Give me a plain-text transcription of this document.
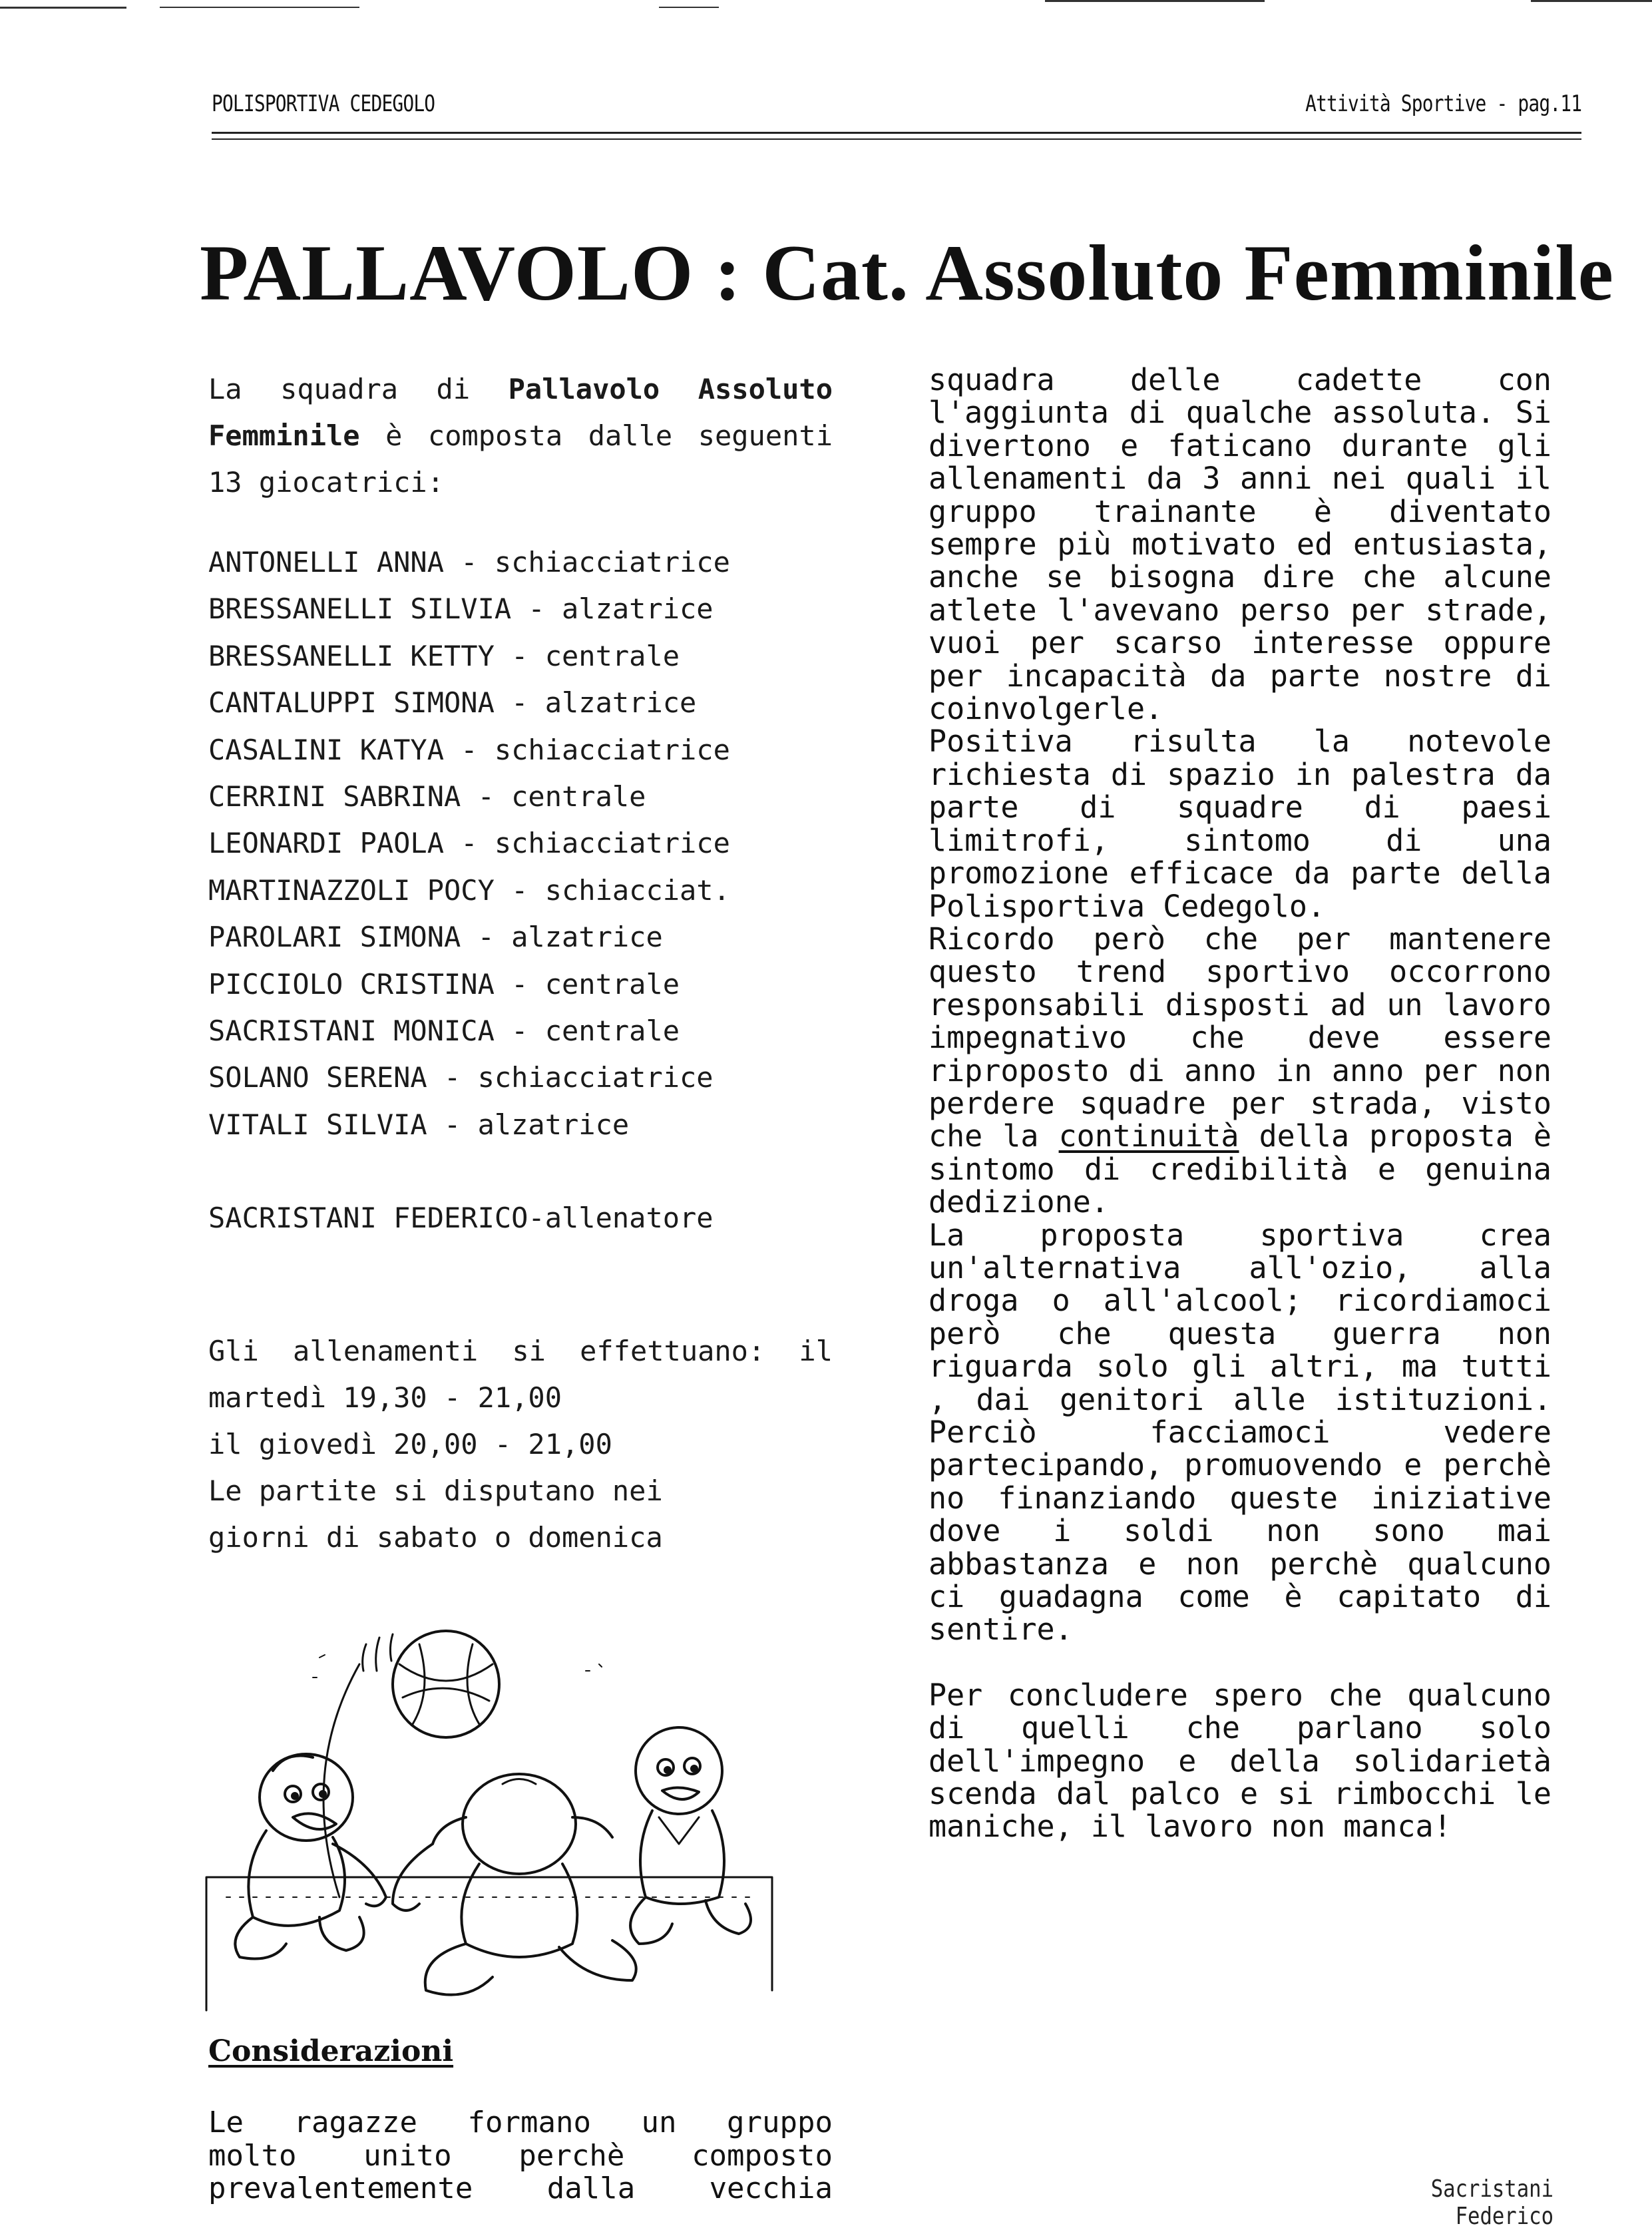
POLISPORTIVA CEDEGOLO	Attività Sportive - pag.11
PALLAVOLO : Cat. Assoluto Femminile

La squadra di Pallavolo Assoluto Femminile è composta dalle seguenti 13 giocatrici:

ANTONELLI ANNA - schiacciatrice
BRESSANELLI SILVIA - alzatrice
BRESSANELLI KETTY - centrale
CANTALUPPI SIMONA - alzatrice
CASALINI KATYA - schiacciatrice
CERRINI SABRINA - centrale
LEONARDI PAOLA - schiacciatrice
MARTINAZZOLI POCY - schiacciat.
PAROLARI SIMONA - alzatrice
PICCIOLO CRISTINA - centrale
SACRISTANI MONICA - centrale
SOLANO SERENA - schiacciatrice
VITALI SILVIA - alzatrice

SACRISTANI FEDERICO-allenatore

Gli allenamenti si effettuano: il

martedì 19,30 - 21,00

il giovedì 20,00 - 21,00

Le partite si disputano nei

giorni di sabato o domenica

Considerazioni

Le ragazze formano un gruppo
molto unito perchè composto
prevalentemente dalla vecchia

squadra delle cadette con l'aggiunta di qualche assoluta. Si divertono e faticano durante gli allenamenti da 3 anni nei quali il gruppo trainante è diventato sempre più motivato ed entusiasta, anche se bisogna dire che alcune atlete l'avevano perso per strade, vuoi per scarso interesse oppure per incapacità da parte nostre di coinvolgerle.

Positiva risulta la notevole richiesta di spazio in palestra da parte di squadre di paesi limitrofi, sintomo di una promozione efficace da parte della Polisportiva Cedegolo.

Ricordo però che per mantenere questo trend sportivo occorrono responsabili disposti ad un lavoro impegnativo che deve essere riproposto di anno in anno per non perdere squadre per strada, visto che la continuità della proposta è sintomo di credibilità e genuina dedizione.

La proposta sportiva crea un'alternativa all'ozio, alla droga o all'alcool; ricordiamoci però che questa guerra non riguarda solo gli altri, ma tutti , dai genitori alle istituzioni. Perciò facciamoci vedere partecipando, promuovendo e perchè no finanziando queste iniziative dove i soldi non sono mai abbastanza e non perchè qualcuno ci guadagna come è capitato di sentire.

Per concludere spero che qualcuno di quelli che parlano solo dell'impegno e della solidarietà scenda dal palco e si rimbocchi le maniche, il lavoro non manca!

Sacristani Federico
